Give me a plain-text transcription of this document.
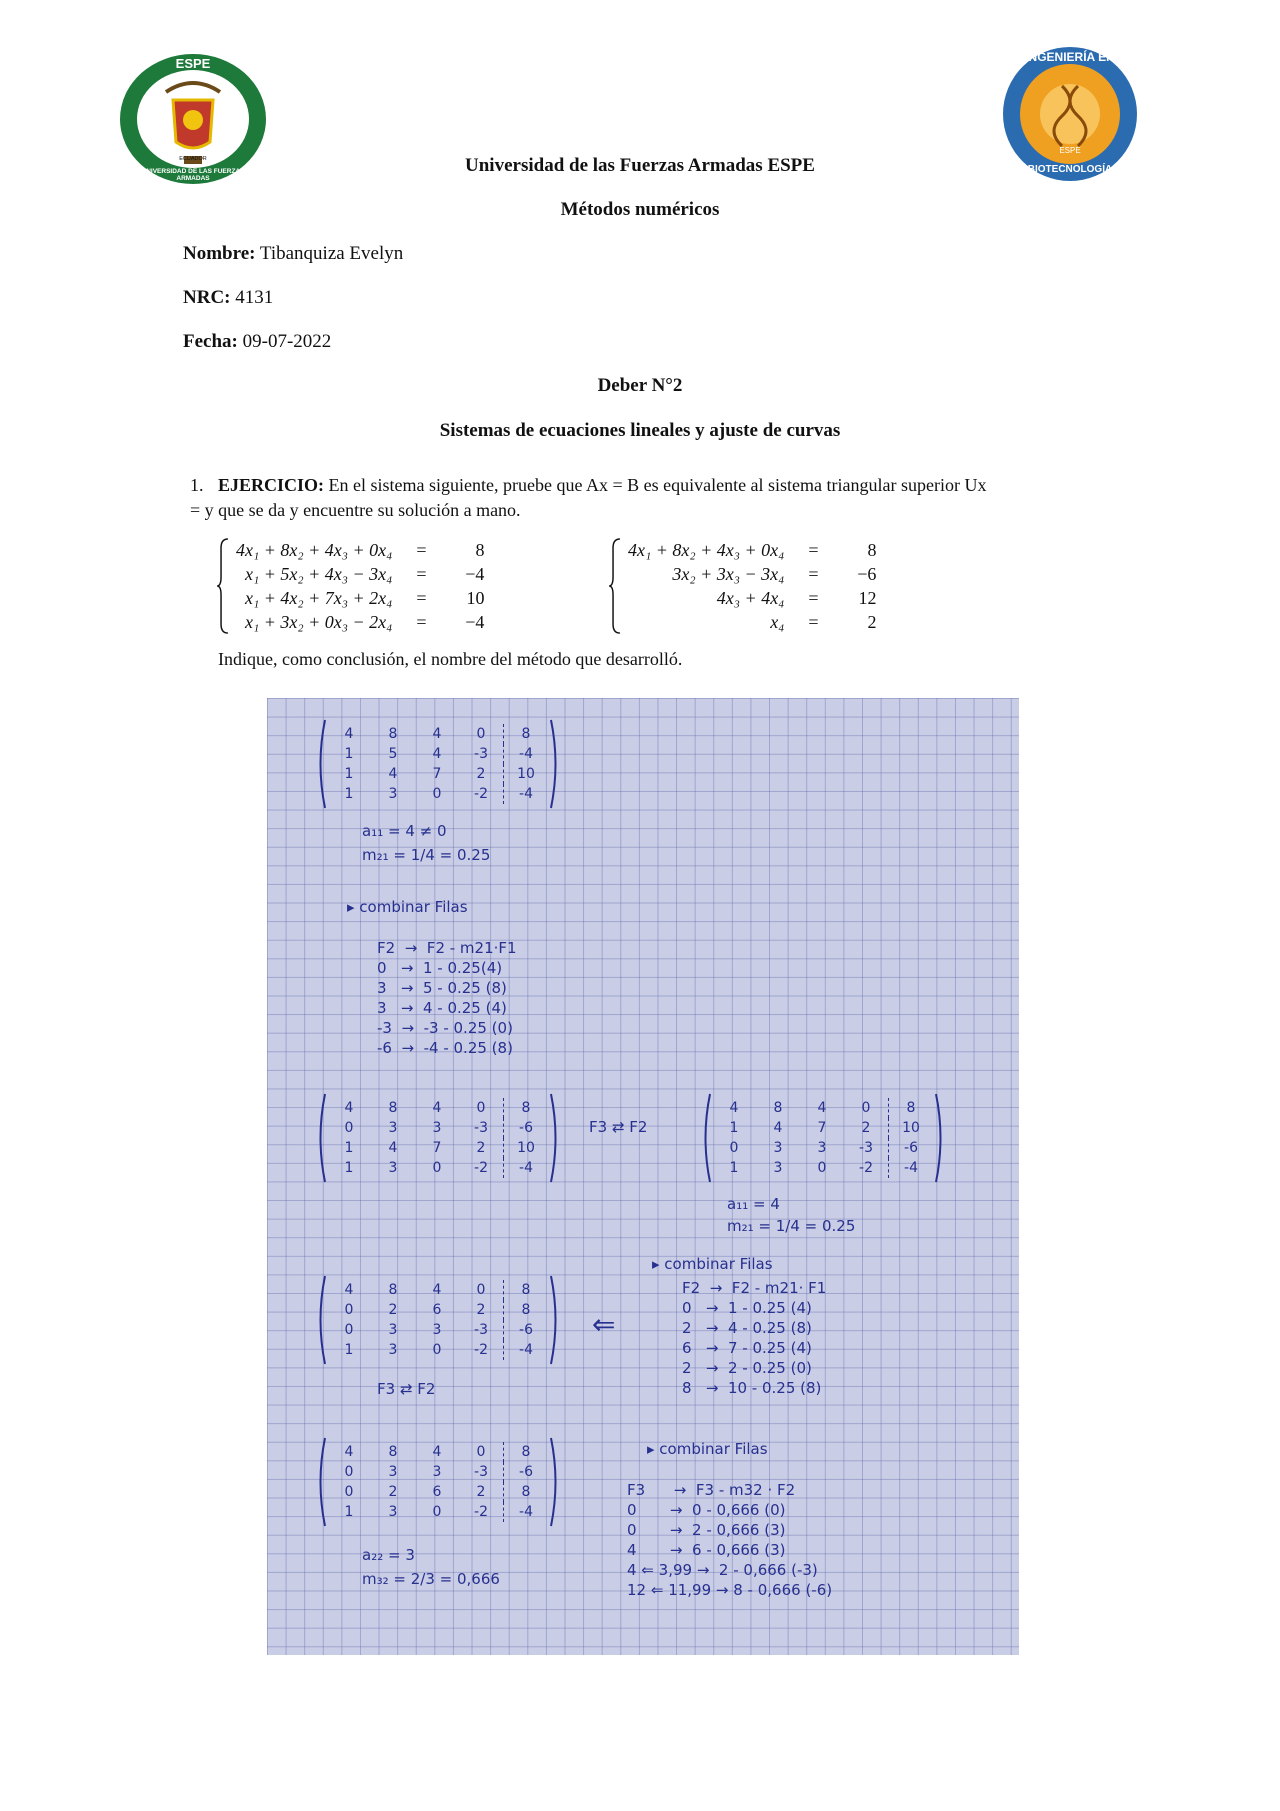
ESPE
UNIVERSIDAD DE LAS FUERZAS ARMADAS
ECUADOR
INGENIERÍA EN
BIOTECNOLOGÍA
ESPE
Universidad de las Fuerzas Armadas ESPE
Métodos numéricos
Nombre: Tibanquiza Evelyn
NRC: 4131
Fecha: 09-07-2022
Deber N°2
Sistemas de ecuaciones lineales y ajuste de curvas
1. EJERCICIO: En el sistema siguiente, pruebe que Ax = B es equivalente al sistema triangular superior Ux = y que se da y encuentre su solución a mano.
4x₁ + 8x₂ + 4x₃ + 0x₄	=	8
x₁ + 5x₂ + 4x₃ − 3x₄	=	−4
x₁ + 4x₂ + 7x₃ + 2x₄	=	10
x₁ + 3x₂ + 0x₃ − 2x₄	=	−4
4x₁ + 8x₂ + 4x₃ + 0x₄	=	8
3x₂ + 3x₃ − 3x₄	=	−6
4x₃ + 4x₄	=	12
x₄	=	2
Indique, como conclusión, el nombre del método que desarrolló.
4	8	4	0	8
1	5	4	-3	-4
1	4	7	2	10
1	3	0	-2	-4
a₁₁ = 4 ≠ 0
m₂₁ = 1/4 = 0.25
▸ combinar Filas
F2  →  F2 - m21·F1
0   →  1 - 0.25(4)
3   →  5 - 0.25 (8)
3   →  4 - 0.25 (4)
-3  →  -3 - 0.25 (0)
-6  →  -4 - 0.25 (8)
4	8	4	0	8
0	3	3	-3	-6
1	4	7	2	10
1	3	0	-2	-4
F3 ⇄ F2
4	8	4	0	8
1	4	7	2	10
0	3	3	-3	-6
1	3	0	-2	-4
a₁₁ = 4
m₂₁ = 1/4 = 0.25
▸ combinar Filas
F2  →  F2 - m21· F1
0   →  1 - 0.25 (4)
2   →  4 - 0.25 (8)
6   →  7 - 0.25 (4)
2   →  2 - 0.25 (0)
8   →  10 - 0.25 (8)
4	8	4	0	8
0	2	6	2	8
0	3	3	-3	-6
1	3	0	-2	-4
⇐
F3 ⇄ F2
4	8	4	0	8
0	3	3	-3	-6
0	2	6	2	8
1	3	0	-2	-4
▸ combinar Filas
F3      →  F3 - m32 · F2
0       →  0 - 0,666 (0)
0       →  2 - 0,666 (3)
4       →  6 - 0,666 (3)
4 ⇐ 3,99 →  2 - 0,666 (-3)
12 ⇐ 11,99 → 8 - 0,666 (-6)
a₂₂ = 3
m₃₂ = 2/3 = 0,666
